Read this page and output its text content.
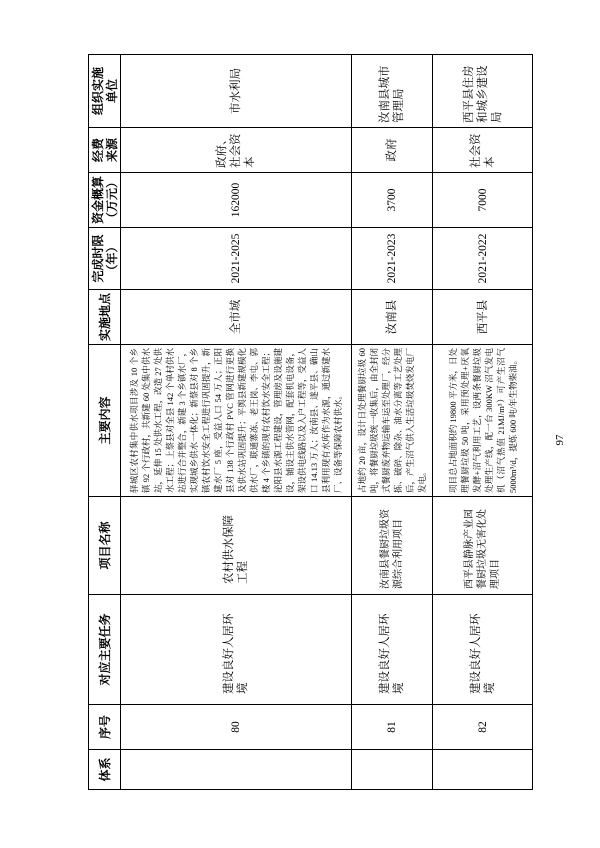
体系	序号	对应主要任务	项目名称	主要内容	实施地点	完成时限 （年）	资金概算 （万元）	经费 来源	组织实施 单位

	80	建设良好人居环境	农村供水保障工程	驿城区农村集中供水项目涉及 10 个乡镇 92 个行政村，共新建 60 处集中供水站，延伸 15 处供水工程，改造 27 处供水工程；上蔡县对全县 142 个单村供水站进行合并整合，新建 3 个乡镇水厂，实现城乡供水一体化；新蔡县对 8 个乡镇农村饮水安全工程进行巩固提升，新建水厂 5 座，受益人口 54 万人；正阳县对 138 个行政村 PVC 管网进行更换及供水站巩固提升；平舆县新建规模化供水厂，联通寨冻、老王岗、李屯、郭楼 4 个乡镇的现有农村饮水安全工程；泌阳县水源工程建设，管理房及设施建设，铺设主供水管网，配套机电设备，架设供电线路以及入户工程等，受益人口 14.13 万人；汝南县、遂平县、确山县利用现有水库作为水源，通过新建水厂、设备等保障农村供水。	全市域	2021-2025	162000	政府、社会资本	市水利局

	81	建设良好人居环境	汝南县餐厨垃圾资源综合利用项目	占地约 20 亩，设计日处理餐厨垃圾 60 吨，将餐厨垃圾统一收集后，由全封闭式餐厨废弃物运输车运至处理厂，经分拣、破碎、除杂、油水分离等工艺处理后，产生沼气供入生活垃圾焚烧发电厂发电。	汝南县	2021-2023	3700	政府	汝南县城市管理局

	82	建设良好人居环境	西平县静脉产业园餐厨垃圾无害化处理项目	项目总占地面积约 19800 平方米，日处理餐厨垃圾 50 吨，采用预处理+厌氧发酵+沼气利用工艺，设两条餐厨垃圾处理生产线，配一台 300KW 沼气发电机（沼气热值 21MJ/m³）可产生沼气 5000m³/d，提炼 600 吨/年生物柴油。	西平县	2021-2022	7000	社会资本	西平县住房和城乡建设局
97
